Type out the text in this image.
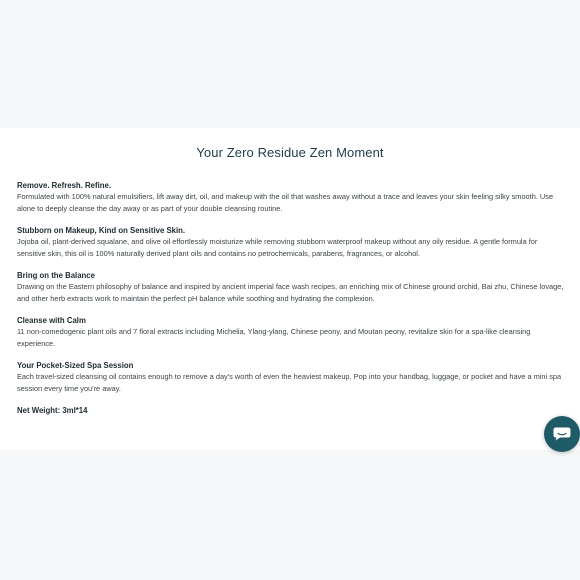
Your Zero Residue Zen Moment
Remove. Refresh. Refine.
Formulated with 100% natural emulsifiers, lift away dirt, oil, and makeup with the oil that washes away without a trace and leaves your skin feeling silky smooth. Use alone to deeply cleanse the day away or as part of your double cleansing routine.
Stubborn on Makeup, Kind on Sensitive Skin.
Jojoba oil, plant-derived squalane, and olive oil effortlessly moisturize while removing stubborn waterproof makeup without any oily residue. A gentle formula for sensitive skin, this oil is 100% naturally derived plant oils and contains no petrochemicals, parabens, fragrances, or alcohol.
Bring on the Balance
Drawing on the Eastern philosophy of balance and inspired by ancient imperial face wash recipes, an enriching mix of Chinese ground orchid, Bai zhu, Chinese lovage, and other herb extracts work to maintain the perfect pH balance while soothing and hydrating the complexion.
Cleanse with Calm
11 non-comedogenic plant oils and 7 floral extracts including Michelia, Ylang-ylang, Chinese peony, and Moutan peony, revitalize skin for a spa-like cleansing experience.
Your Pocket-Sized Spa Session
Each travel-sized cleansing oil contains enough to remove a day's worth of even the heaviest makeup. Pop into your handbag, luggage, or pocket and have a mini spa session every time you're away.
Net Weight: 3ml*14
